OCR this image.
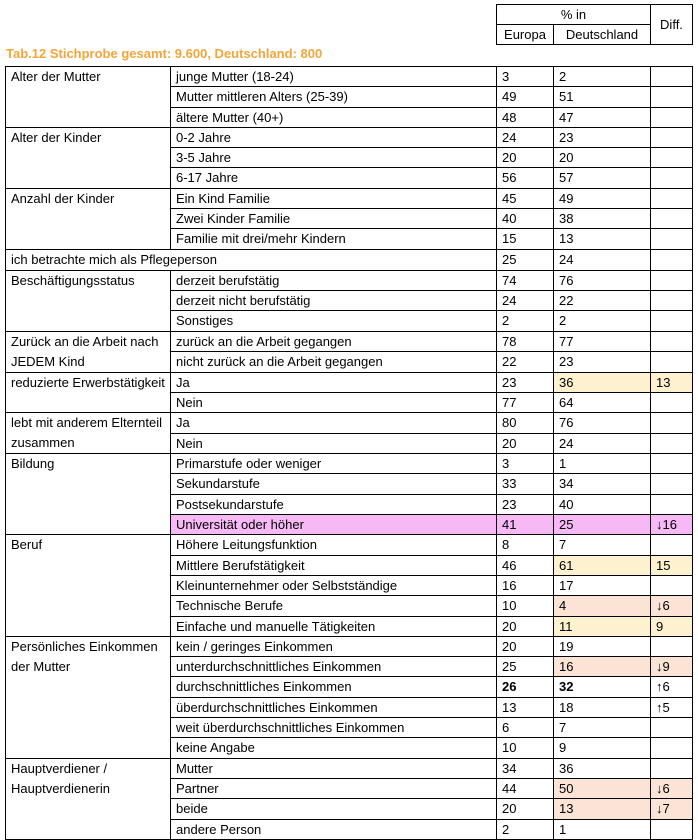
% in		Diff.
Europa	Deutschland	
Tab.12 Stichprobe gesamt: 9.600, Deutschland: 800
Alter der Mutter	junge Mutter (18-24)	3	2	
	Mutter mittleren Alters (25-39)	49	51	
	ältere Mutter (40+)	48	47	
Alter der Kinder	0-2 Jahre	24	23	
	3-5 Jahre	20	20	
	6-17 Jahre	56	57	
Anzahl der Kinder	Ein Kind Familie	45	49	
	Zwei Kinder Familie	40	38	
	Familie mit drei/mehr Kindern	15	13	
ich betrachte mich als Pflegeperson		25	24	
Beschäftigungsstatus	derzeit berufstätig	74	76	
	derzeit nicht berufstätig	24	22	
	Sonstiges	2	2	
Zurück an die Arbeit nach JEDEM Kind	zurück an die Arbeit gegangen	78	77	
	nicht zurück an die Arbeit gegangen	22	23	
reduzierte Erwerbstätigkeit	Ja	23	36	13
	Nein	77	64	
lebt mit anderem Elternteil zusammen	Ja	80	76	
	Nein	20	24	
Bildung	Primarstufe oder weniger	3	1	
	Sekundarstufe	33	34	
	Postsekundarstufe	23	40	
	Universität oder höher	41	25	↓16
Beruf	Höhere Leitungsfunktion	8	7	
	Mittlere Berufstätigkeit	46	61	15
	Kleinunternehmer oder Selbstständige	16	17	
	Technische Berufe	10	4	↓6
	Einfache und manuelle Tätigkeiten	20	11	9
Persönliches Einkommen der Mutter	kein / geringes Einkommen	20	19	
	unterdurchschnittliches Einkommen	25	16	↓9
	durchschnittliches Einkommen	26	32	↑6
	überdurchschnittliches Einkommen	13	18	↑5
	weit überdurchschnittliches Einkommen	6	7	
	keine Angabe	10	9	
Hauptverdiener / Hauptverdienerin	Mutter	34	36	
	Partner	44	50	↓6
	beide	20	13	↓7
	andere Person	2	1	
